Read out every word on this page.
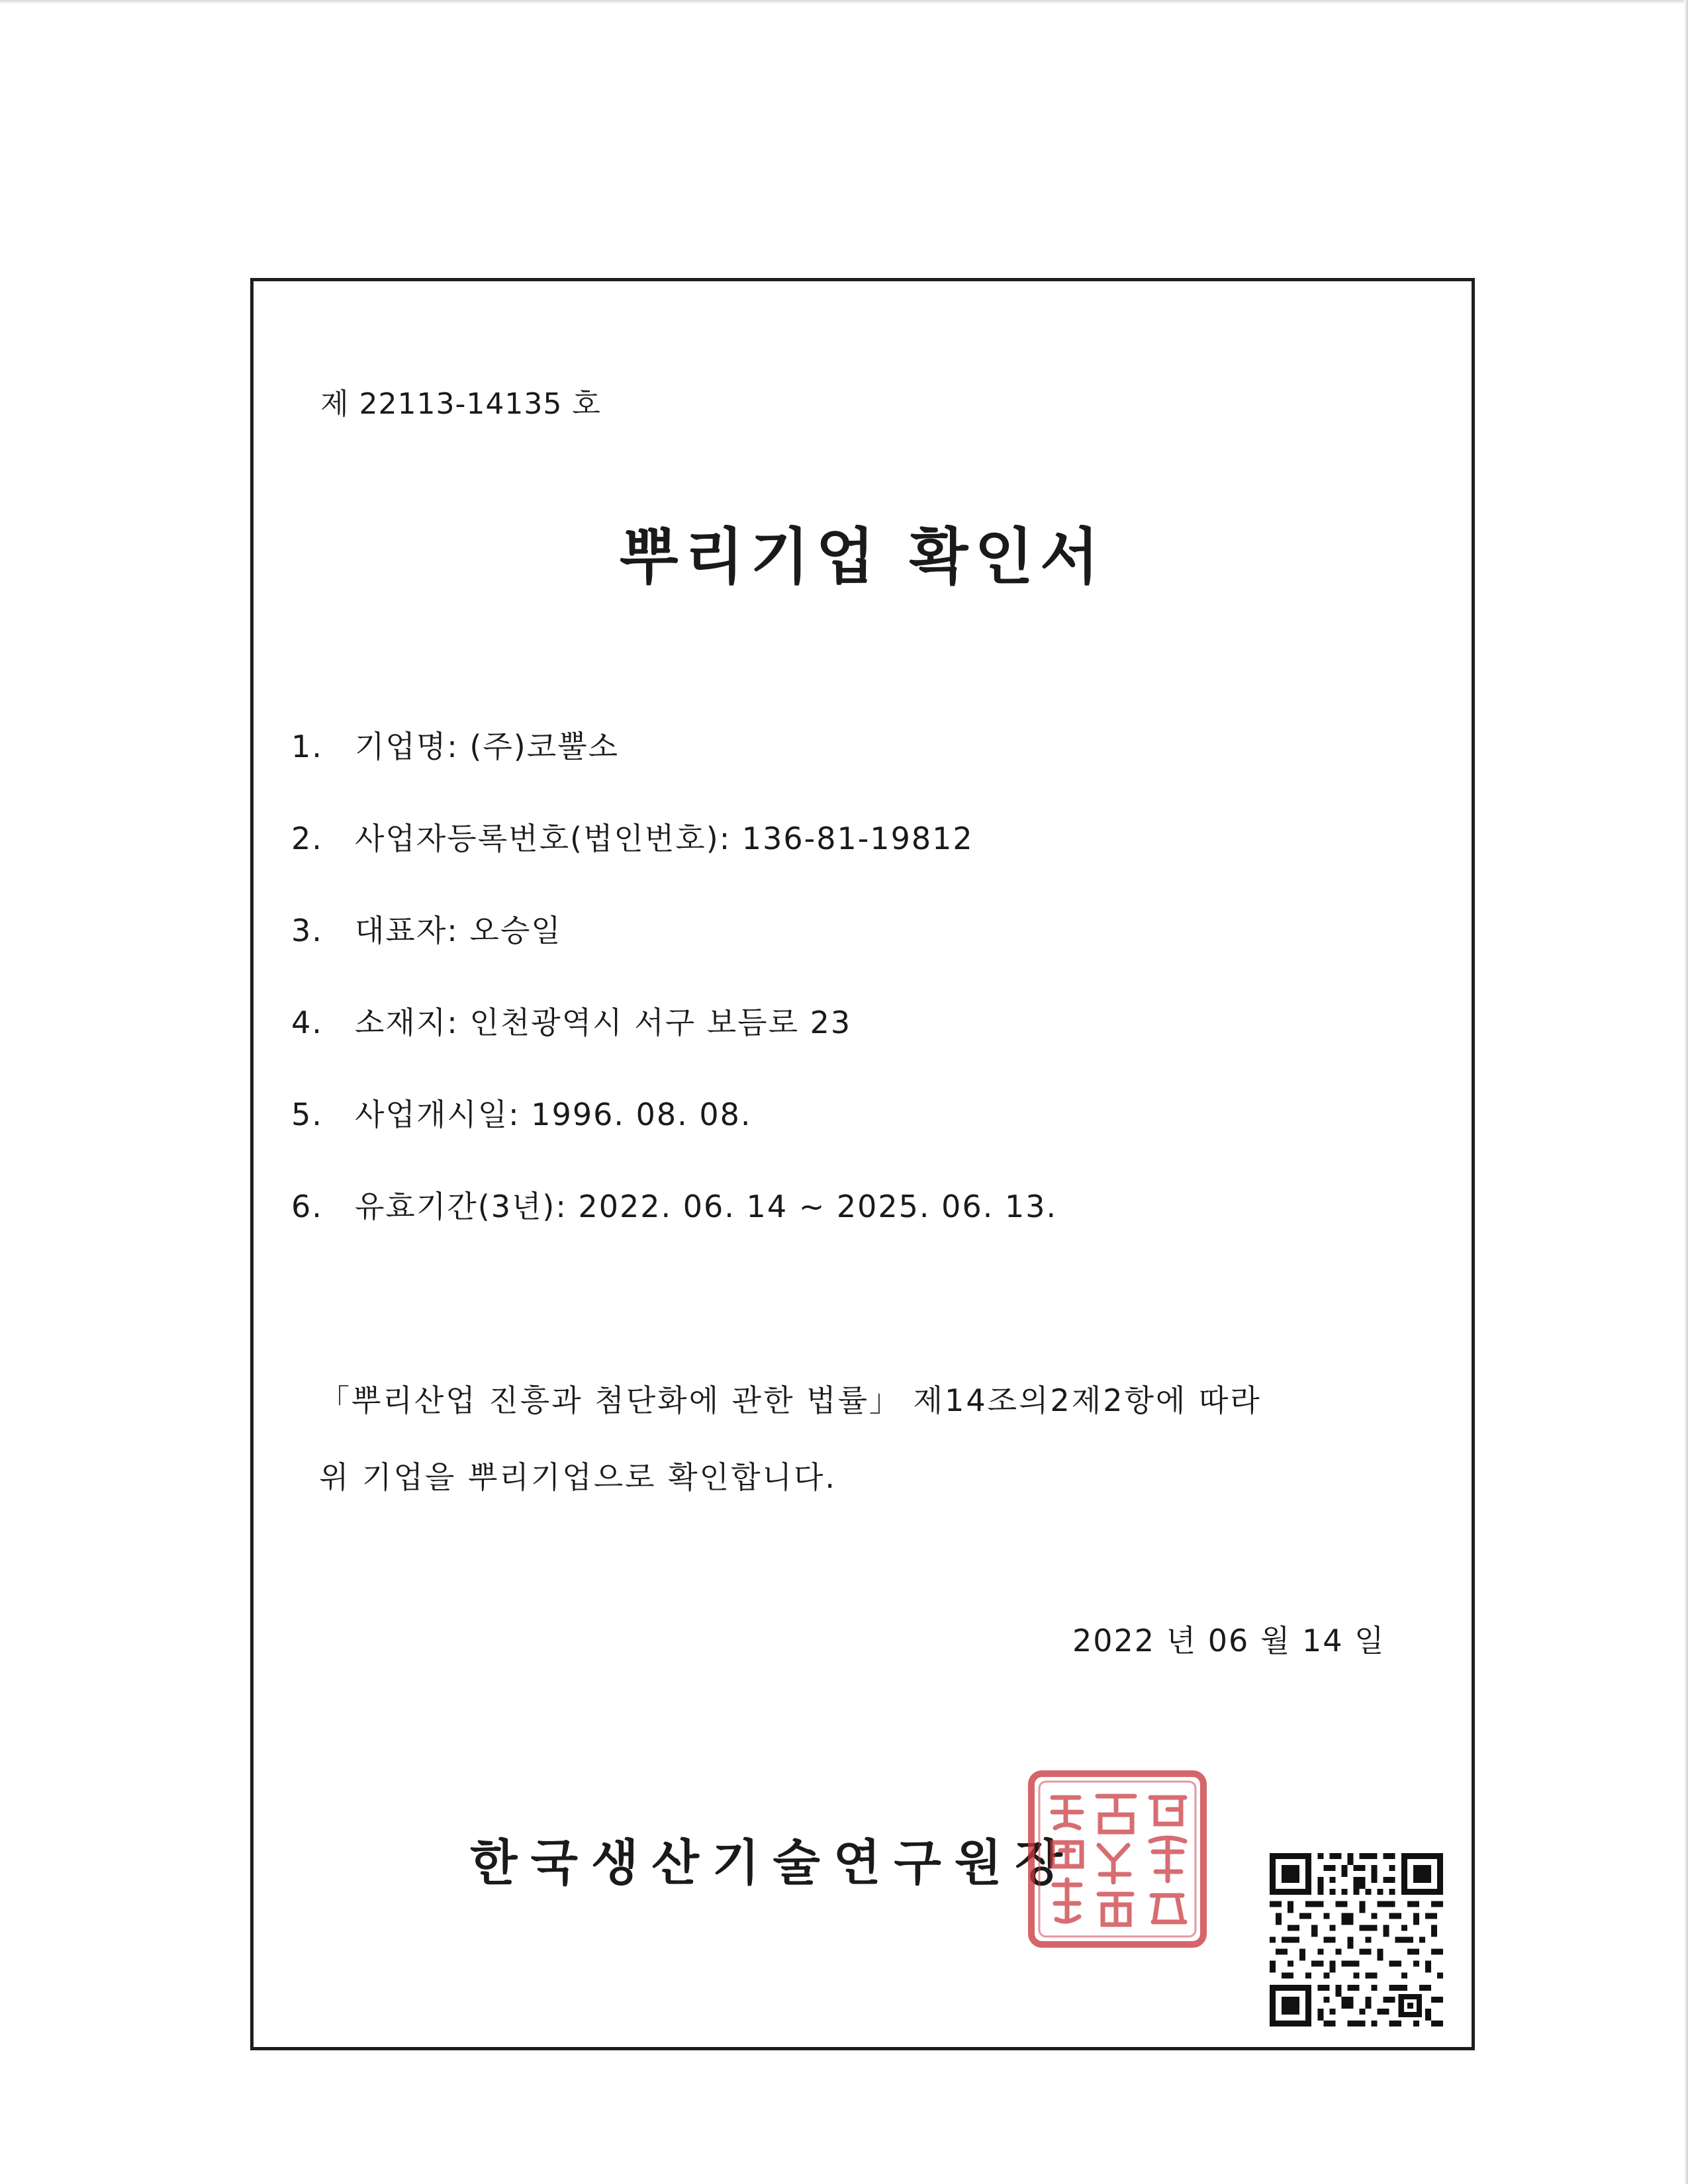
제 22113-14135 호
뿌리기업 확인서
1. 기업명: (주)코뿔소
2. 사업자등록번호(법인번호): 136-81-19812
3. 대표자: 오승일
4. 소재지: 인천광역시 서구 보듬로 23
5. 사업개시일: 1996. 08. 08.
6. 유효기간(3년): 2022. 06. 14 ~ 2025. 06. 13.

「뿌리산업 진흥과 첨단화에 관한 법률」 제14조의2제2항에 따라

위 기업을 뿌리기업으로 확인합니다.

2022 년 06 월 14 일
한국생산기술연구원장
